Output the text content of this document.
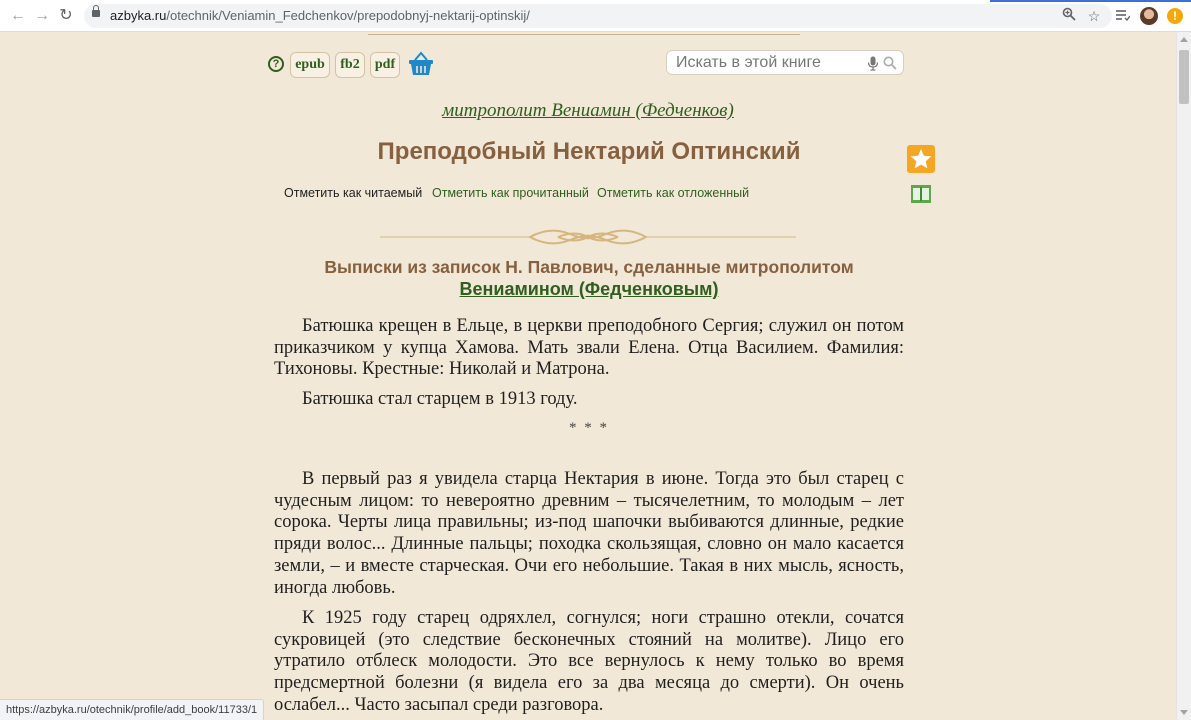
← → ↻	azbyka.ru/otechnik/Veniamin_Fedchenkov/prepodobnyj-nektarij-optinskij/	☆	!
?	epub	fb2	pdf
Искать в этой книге
митрополит Вениамин (Федченков)
Преподобный Нектарий Оптинский
Отметить как читаемый Отметить как прочитанный Отметить как отложенный
Выписки из записок Н. Павлович, сделанные митрополитом
Вениамином (Федченковым)

Батюшка крещен в Ельце, в церкви преподобного Сергия; служил он потом приказчиком у купца Хамова. Мать звали Елена. Отца Василием. Фамилия: Тихоновы. Крестные: Николай и Матрона.

Батюшка стал старцем в 1913 году.

* * *

В первый раз я увидела старца Нектария в июне. Тогда это был старец с чудесным лицом: то невероятно древним – тысячелетним, то молодым – лет сорока. Черты лица правильны; из-под шапочки выбиваются длинные, редкие пряди волос... Длинные пальцы; походка скользящая, словно он мало касается земли, – и вместе старческая. Очи его небольшие. Такая в них мысль, ясность, иногда любовь.

К 1925 году старец одряхлел, согнулся; ноги страшно отекли, сочатся сукровицей (это следствие бесконечных стояний на молитве). Лицо его утратило отблеск молодости. Это все вернулось к нему только во время предсмертной болезни (я видела его за два месяца до смерти). Он очень ослабел... Часто засыпал среди разговора.

https://azbyka.ru/otechnik/profile/add_book/11733/1
